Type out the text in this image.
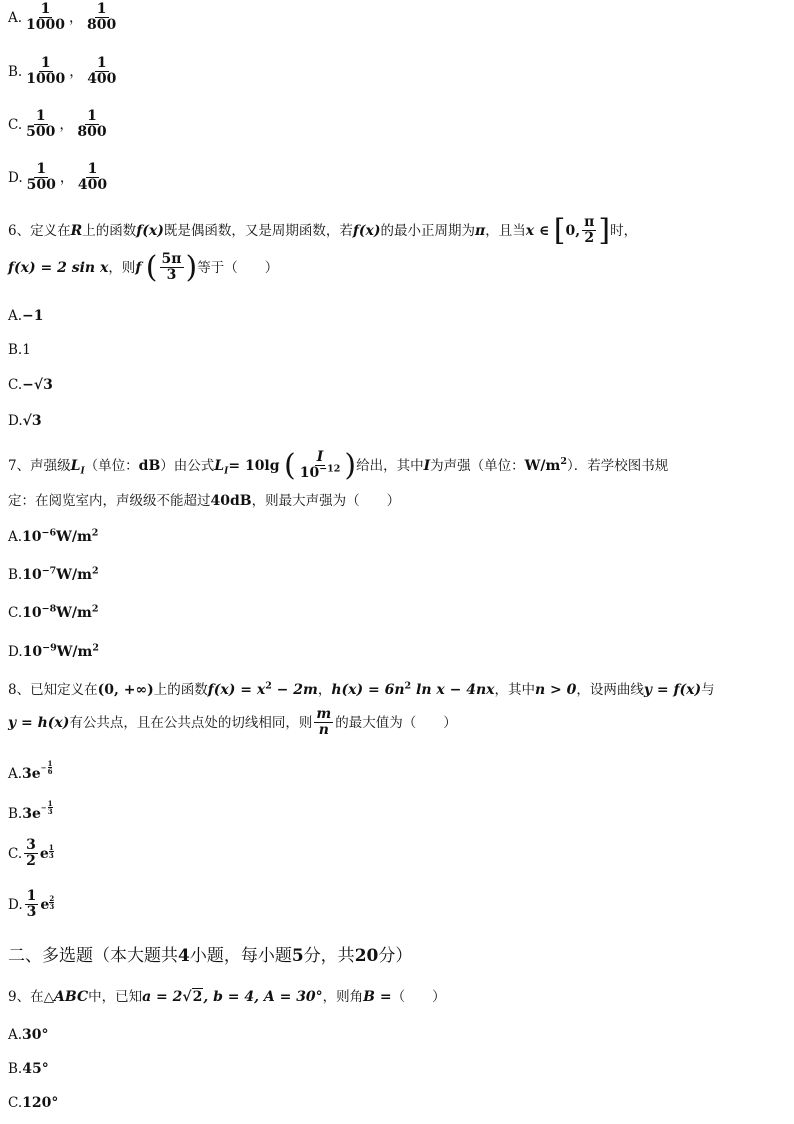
A. $\frac{1}{1000}$ ， $\frac{1}{800}$
B. $\frac{1}{1000}$ ， $\frac{1}{400}$
C. $\frac{1}{500}$ ， $\frac{1}{800}$
D. $\frac{1}{500}$ ， $\frac{1}{400}$
6、定义在R上的函数f(x)既是偶函数，又是周期函数，若f(x)的最小正周期为π，且当x ∈ [0, $\frac{\pi}{2}$ ]时，
f(x) = 2 sin x，则f ( $\frac{5\pi}{3}$ )等于（　　）
A.−1
B.1
C.−√3
D.√3
7、声强级$L_I$（单位：dB）由公式$L_I= 10\lg$ ( $\frac{I}{10^{-12}}$ )给出，其中I为声强（单位：$W/m^2$）．若学校图书规
定：在阅览室内，声级级不能超过40dB，则最大声强为（　　）
$A.10^{-6}W/m^2$
$B.10^{-7}W/m^2$
$C.10^{-8}W/m^2$
$D.10^{-9}W/m^2$
8、已知定义在(0, +∞)上的函数$f(x) = x^2 - 2m$，$h(x) = 6n^2$ ln x − 4nx，其中n > 0，设两曲线y = f(x)与
y = h(x)有公共点，且在公共点处的切线相同，则 $\frac{m}{n}$ 的最大值为（　　）
$A.3e - \frac{1}{6}$
$B.3e - \frac{1}{3}$
C. $\frac{3}{2}$ e $\frac{1}{3}$
D. $\frac{1}{3}$ e $\frac{2}{3}$
二、多选题（本大题共4小题，每小题5分，共20分）
9、在△ABC中，已知a = 2√2, b = 4, A = 30°，则角B =（　　）
A.30°
B.45°
C.120°
